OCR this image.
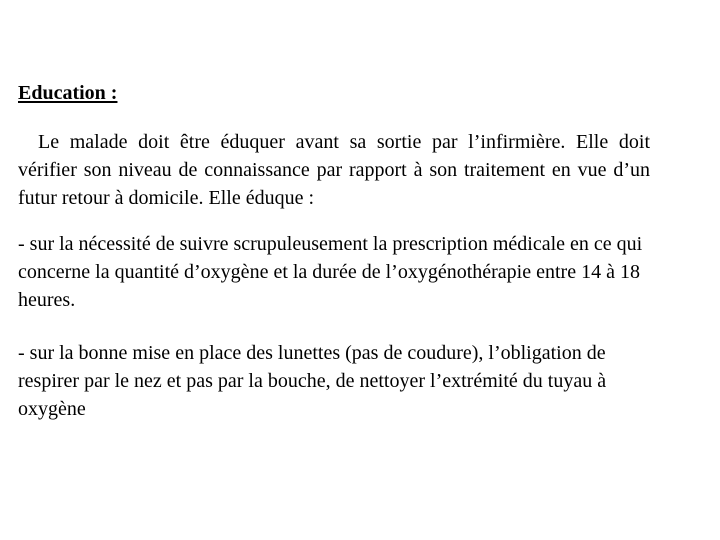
Education :

Le malade doit être éduquer avant sa sortie par l’infirmière. Elle doit vérifier son niveau de connaissance par rapport à son traitement en vue d’un futur retour à domicile. Elle éduque :

- sur la nécessité de suivre scrupuleusement la prescription médicale en ce qui concerne la quantité d’oxygène et la durée de l’oxygénothérapie entre 14 à 18 heures.

- sur la bonne mise en place des lunettes (pas de coudure), l’obligation de respirer par le nez et pas par la bouche, de nettoyer l’extrémité du tuyau à oxygène
